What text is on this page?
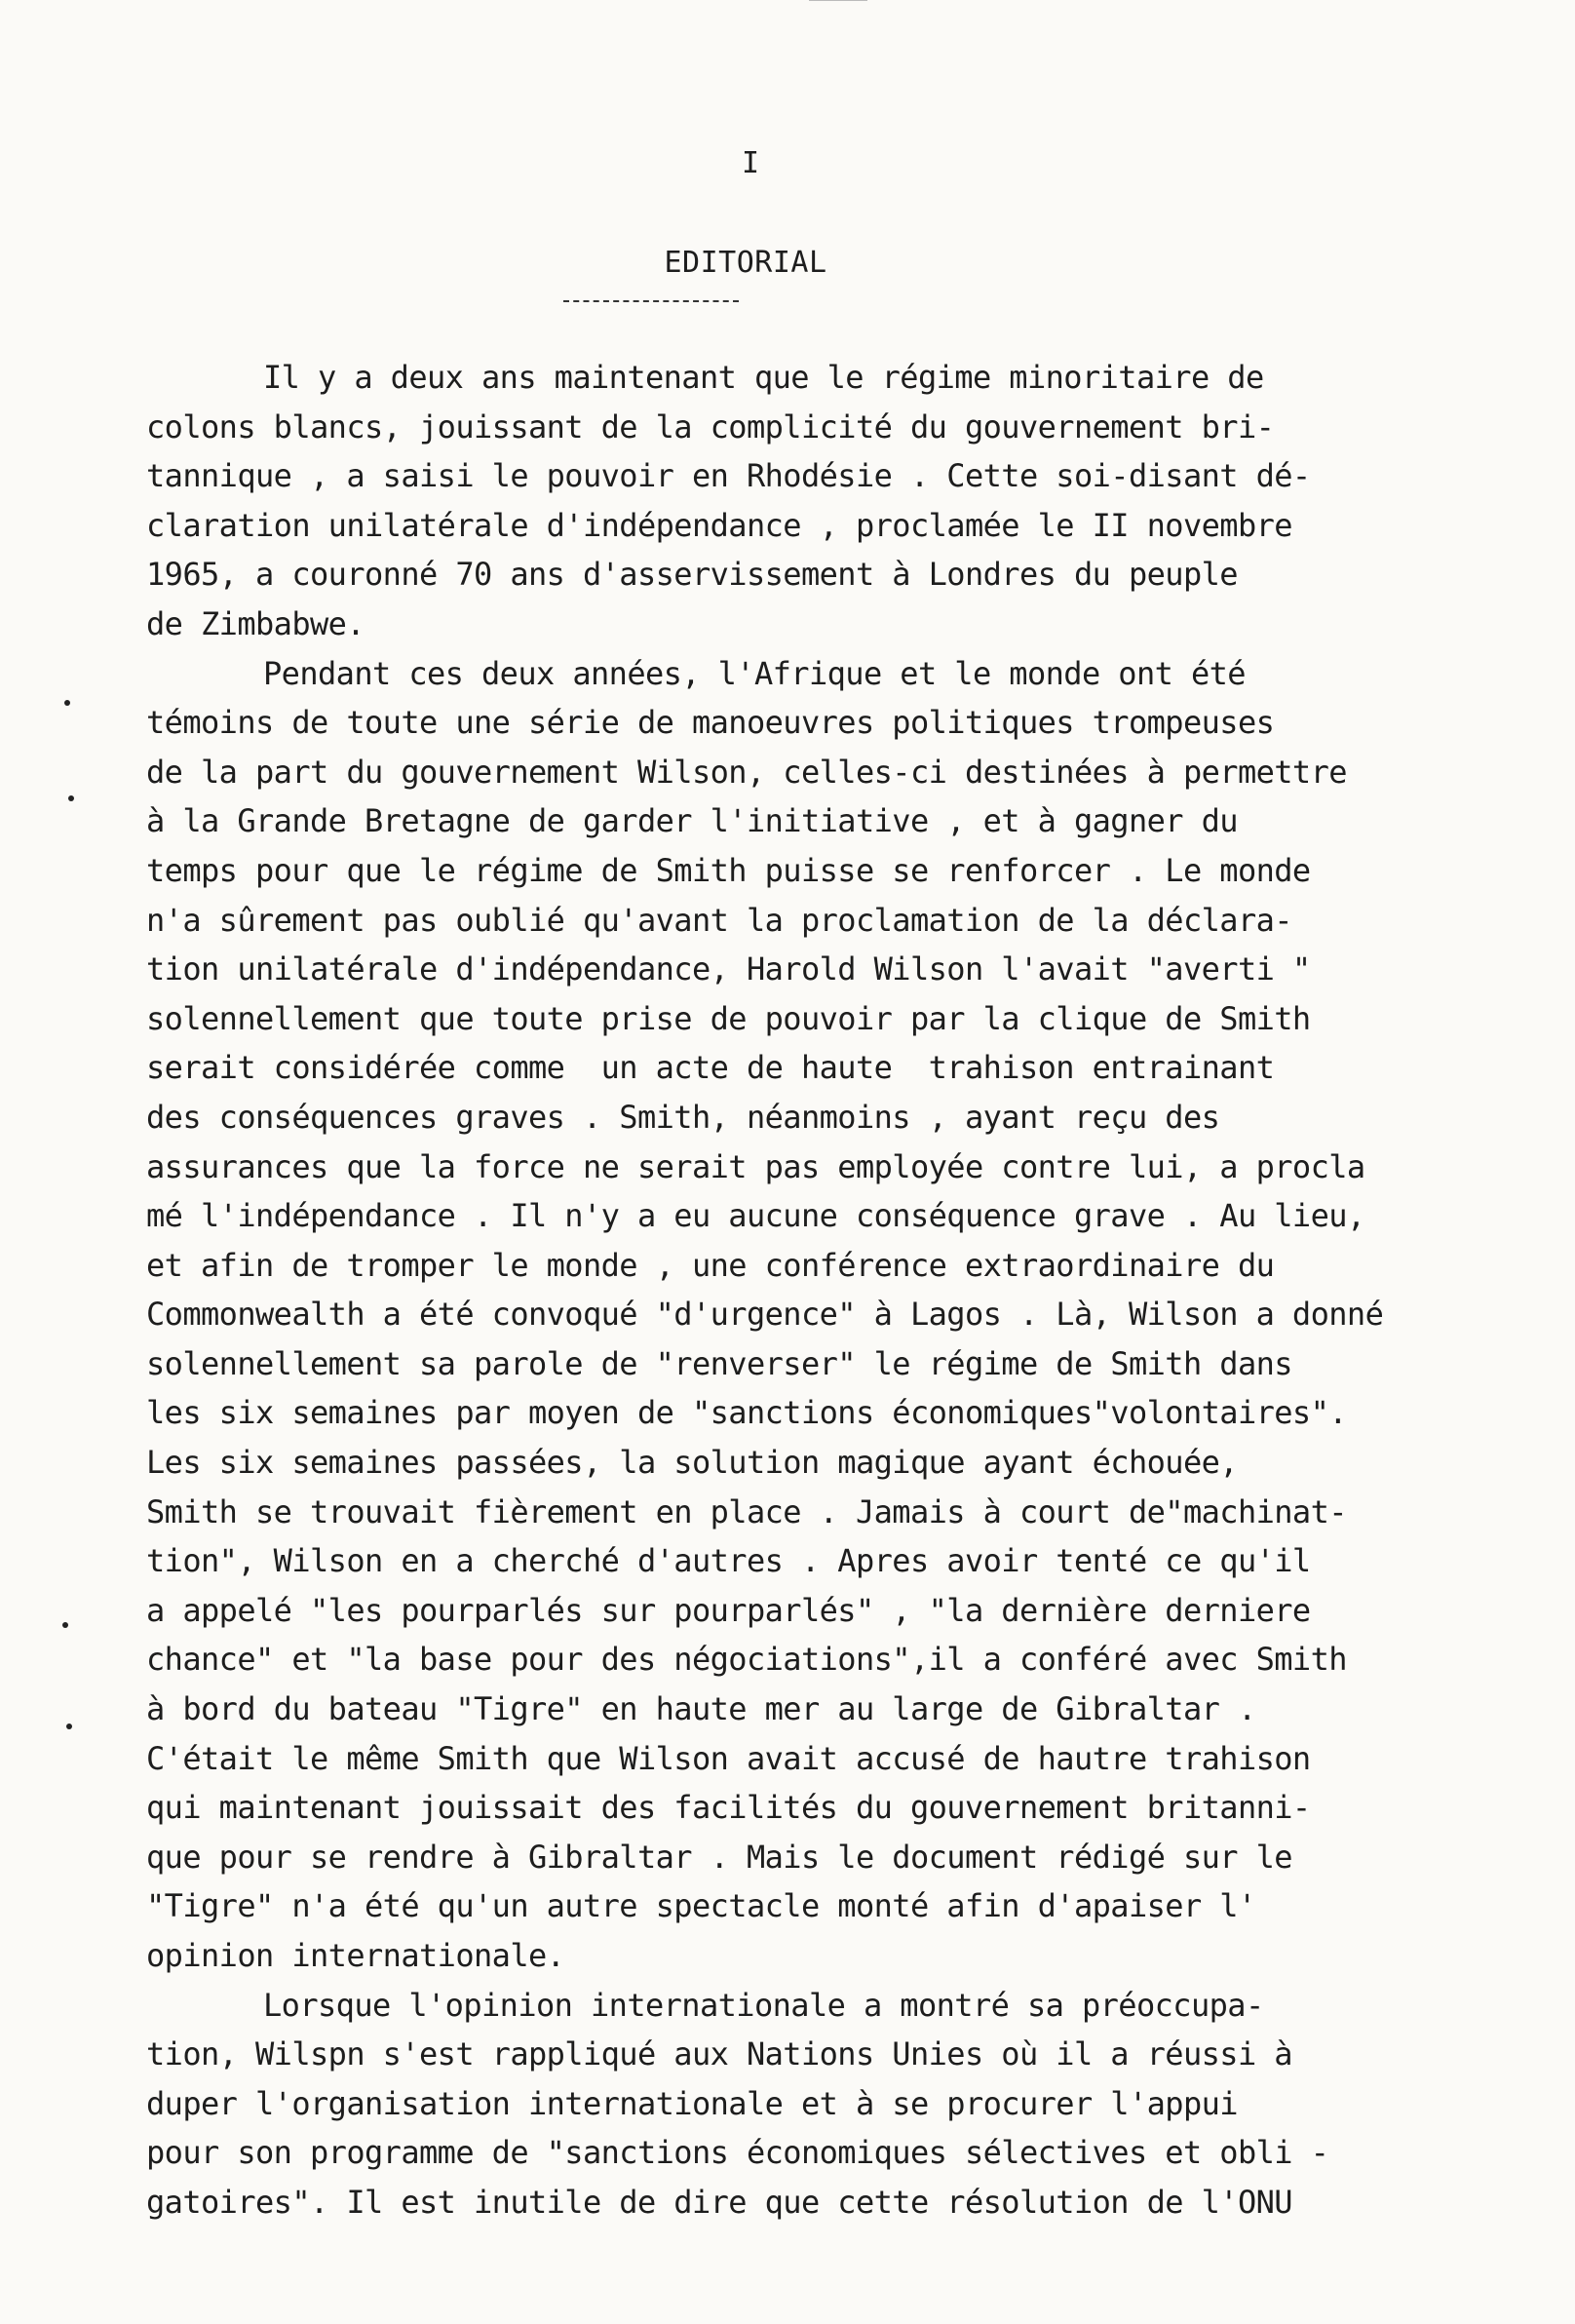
I
EDITORIAL
Il y a deux ans maintenant que le régime minoritaire de
colons blancs, jouissant de la complicité du gouvernement bri-
tannique , a saisi le pouvoir en Rhodésie . Cette soi-disant dé-
claration unilatérale d'indépendance , proclamée le II novembre
1965, a couronné 70 ans d'asservissement à Londres du peuple
de Zimbabwe.
Pendant ces deux années, l'Afrique et le monde ont été
témoins de toute une série de manoeuvres politiques trompeuses
de la part du gouvernement Wilson, celles-ci destinées à permettre
à la Grande Bretagne de garder l'initiative , et à gagner du
temps pour que le régime de Smith puisse se renforcer . Le monde
n'a sûrement pas oublié qu'avant la proclamation de la déclara-
tion unilatérale d'indépendance, Harold Wilson l'avait "averti "
solennellement que toute prise de pouvoir par la clique de Smith
serait considérée comme  un acte de haute  trahison entrainant
des conséquences graves . Smith, néanmoins , ayant reçu des
assurances que la force ne serait pas employée contre lui, a procla
mé l'indépendance . Il n'y a eu aucune conséquence grave . Au lieu,
et afin de tromper le monde , une conférence extraordinaire du
Commonwealth a été convoqué "d'urgence" à Lagos . Là, Wilson a donné
solennellement sa parole de "renverser" le régime de Smith dans
les six semaines par moyen de "sanctions économiques"volontaires".
Les six semaines passées, la solution magique ayant échouée,
Smith se trouvait fièrement en place . Jamais à court de"machinat-
tion", Wilson en a cherché d'autres . Apres avoir tenté ce qu'il
a appelé "les pourparlés sur pourparlés" , "la dernière derniere
chance" et "la base pour des négociations",il a conféré avec Smith
à bord du bateau "Tigre" en haute mer au large de Gibraltar .
C'était le même Smith que Wilson avait accusé de hautre trahison
qui maintenant jouissait des facilités du gouvernement britanni-
que pour se rendre à Gibraltar . Mais le document rédigé sur le
"Tigre" n'a été qu'un autre spectacle monté afin d'apaiser l'
opinion internationale.
Lorsque l'opinion internationale a montré sa préoccupa-
tion, Wilspn s'est rappliqué aux Nations Unies où il a réussi à
duper l'organisation internationale et à se procurer l'appui
pour son programme de "sanctions économiques sélectives et obli -
gatoires". Il est inutile de dire que cette résolution de l'ONU
